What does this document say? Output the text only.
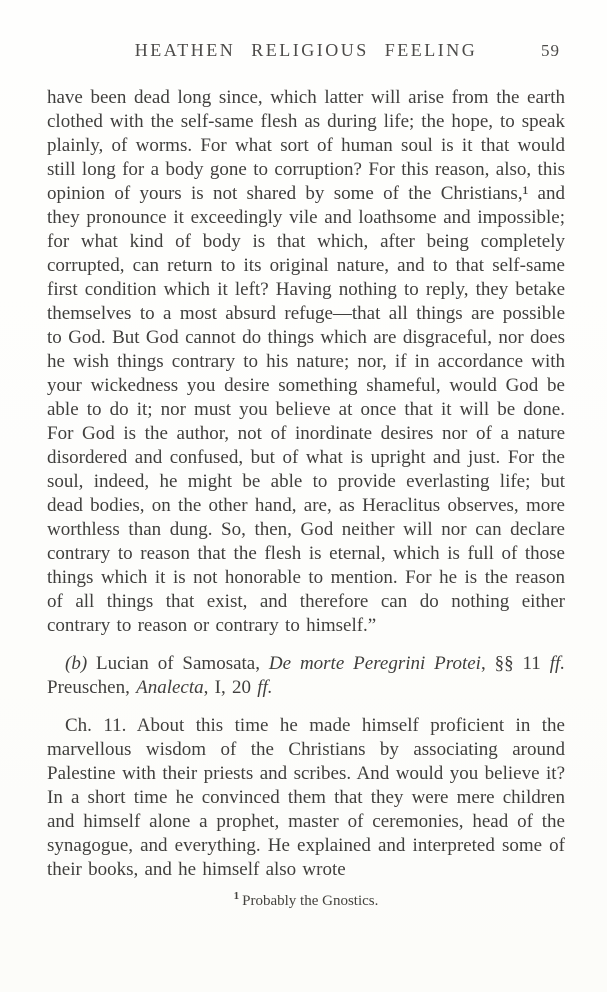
HEATHEN RELIGIOUS FEELING	59

have been dead long since, which latter will arise from the earth clothed with the self-same flesh as during life; the hope, to speak plainly, of worms. For what sort of human soul is it that would still long for a body gone to corruption? For this reason, also, this opinion of yours is not shared by some of the Christians,¹ and they pronounce it exceedingly vile and loathsome and impossible; for what kind of body is that which, after being completely corrupted, can return to its original nature, and to that self-same first condition which it left? Having nothing to reply, they betake themselves to a most absurd refuge—that all things are possible to God. But God cannot do things which are disgraceful, nor does he wish things contrary to his nature; nor, if in accordance with your wickedness you desire something shameful, would God be able to do it; nor must you believe at once that it will be done. For God is the author, not of inordinate desires nor of a nature disordered and confused, but of what is upright and just. For the soul, indeed, he might be able to provide everlasting life; but dead bodies, on the other hand, are, as Heraclitus observes, more worthless than dung. So, then, God neither will nor can declare contrary to reason that the flesh is eternal, which is full of those things which it is not honorable to mention. For he is the reason of all things that exist, and therefore can do nothing either contrary to reason or contrary to himself.”

(b) Lucian of Samosata, De morte Peregrini Protei, §§ 11 ff. Preuschen, Analecta, I, 20 ff.

Ch. 11. About this time he made himself proficient in the marvellous wisdom of the Christians by associating around Palestine with their priests and scribes. And would you believe it? In a short time he convinced them that they were mere children and himself alone a prophet, master of ceremonies, head of the synagogue, and everything. He explained and interpreted some of their books, and he himself also wrote

$^1$ Probably the Gnostics.
